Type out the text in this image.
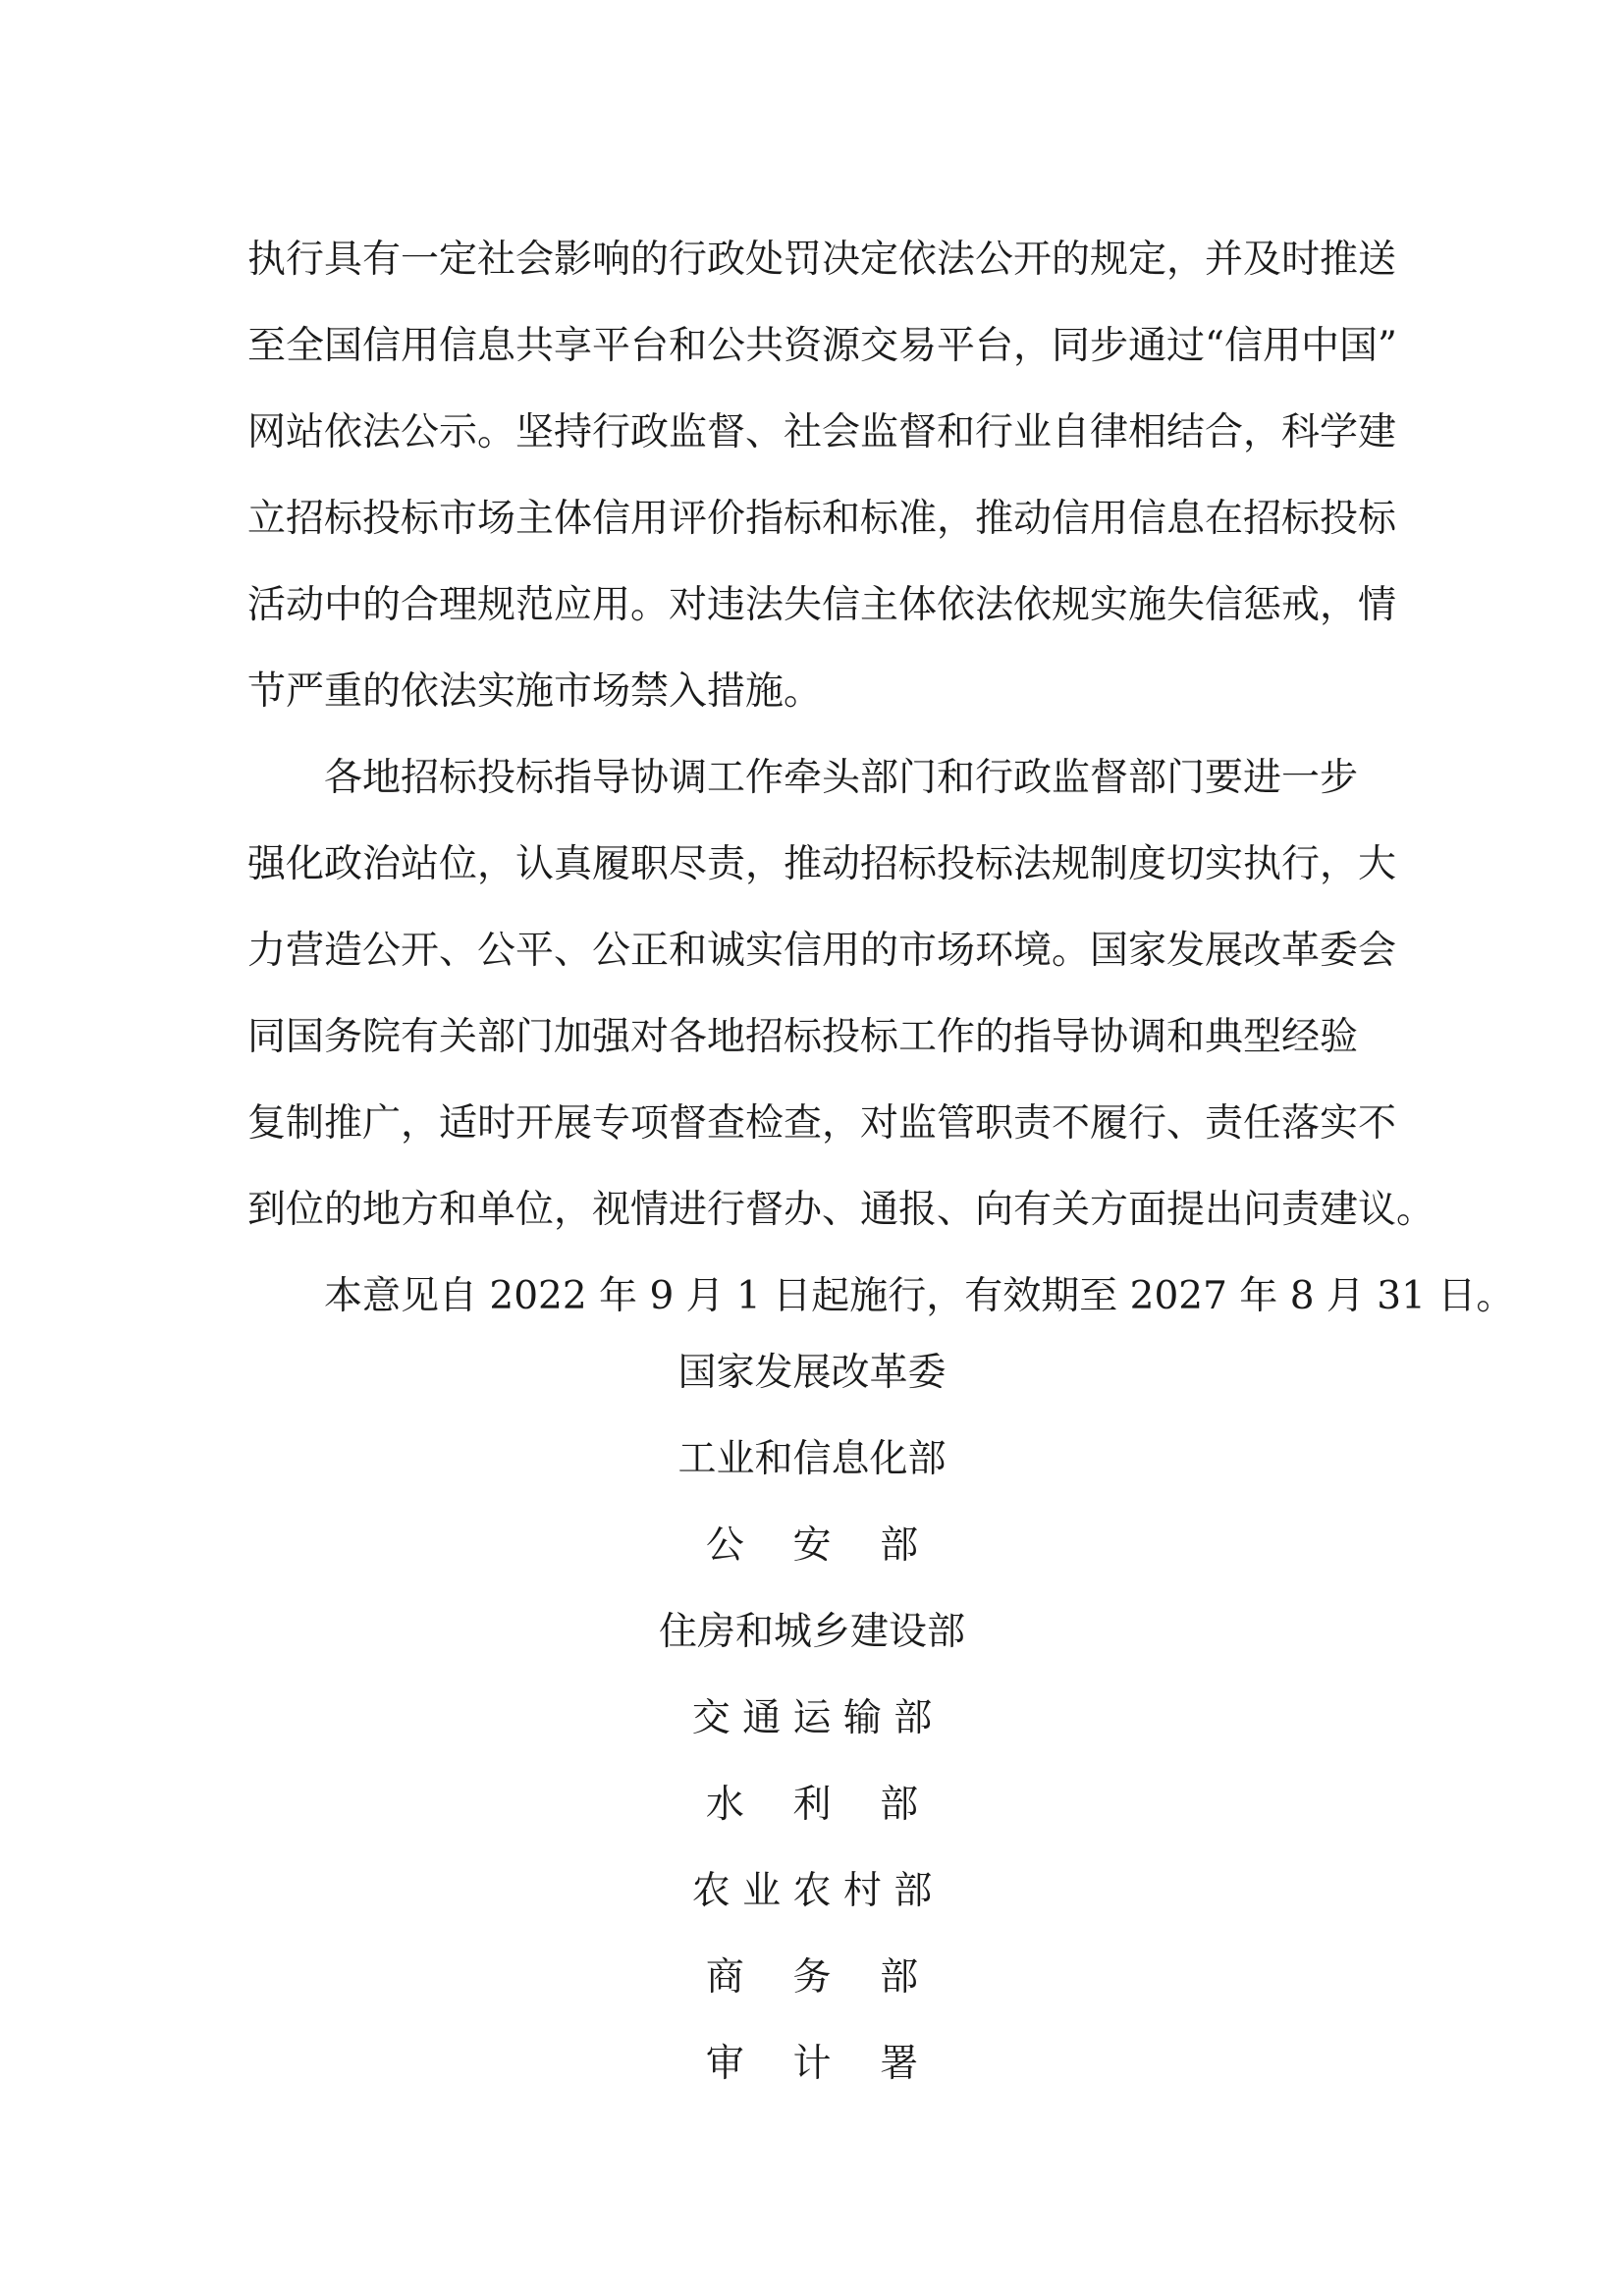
执行具有一定社会影响的行政处罚决定依法公开的规定，并及时推送
至全国信用信息共享平台和公共资源交易平台，同步通过“信用中国”
网站依法公示。坚持行政监督、社会监督和行业自律相结合，科学建
立招标投标市场主体信用评价指标和标准，推动信用信息在招标投标
活动中的合理规范应用。对违法失信主体依法依规实施失信惩戒，情
节严重的依法实施市场禁入措施。
各地招标投标指导协调工作牵头部门和行政监督部门要进一步
强化政治站位，认真履职尽责，推动招标投标法规制度切实执行，大
力营造公开、公平、公正和诚实信用的市场环境。国家发展改革委会
同国务院有关部门加强对各地招标投标工作的指导协调和典型经验
复制推广，适时开展专项督查检查，对监管职责不履行、责任落实不
到位的地方和单位，视情进行督办、通报、向有关方面提出问责建议。
本意见自 2022 年 9 月 1 日起施行，有效期至 2027 年 8 月 31 日。
国家发展改革委
工业和信息化部
公    安    部
住房和城乡建设部
交 通 运 输 部
水    利    部
农 业 农 村 部
商    务    部
审    计    署
